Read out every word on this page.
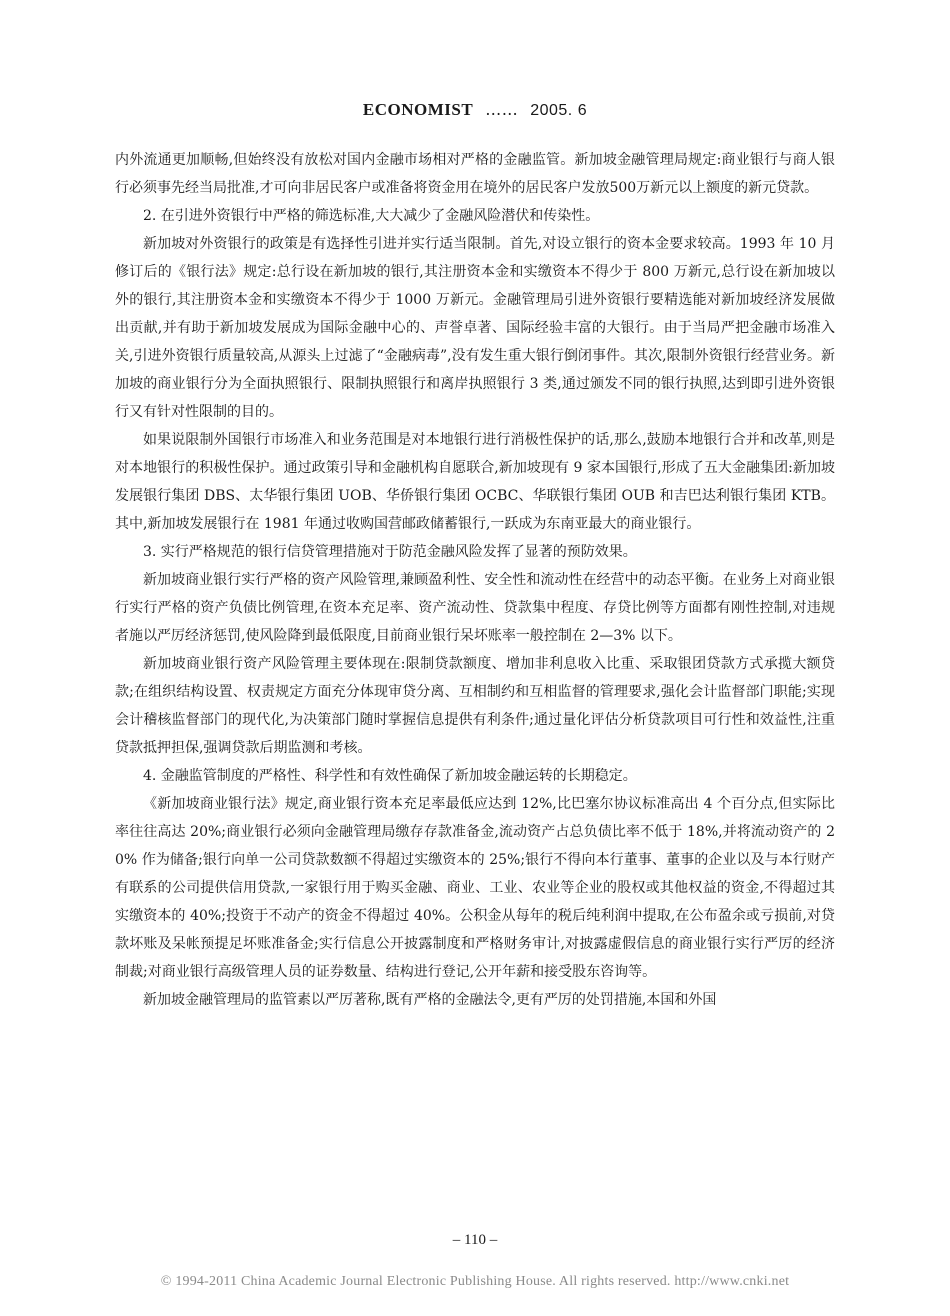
ECONOMIST …… 2005. 6

内外流通更加顺畅,但始终没有放松对国内金融市场相对严格的金融监管。新加坡金融管理局规定:商业银行与商人银行必须事先经当局批准,才可向非居民客户或准备将资金用在境外的居民客户发放500万新元以上额度的新元贷款。

2. 在引进外资银行中严格的筛选标准,大大减少了金融风险潜伏和传染性。

新加坡对外资银行的政策是有选择性引进并实行适当限制。首先,对设立银行的资本金要求较高。1993 年 10 月修订后的《银行法》规定:总行设在新加坡的银行,其注册资本金和实缴资本不得少于 800 万新元,总行设在新加坡以外的银行,其注册资本金和实缴资本不得少于 1000 万新元。金融管理局引进外资银行要精选能对新加坡经济发展做出贡献,并有助于新加坡发展成为国际金融中心的、声誉卓著、国际经验丰富的大银行。由于当局严把金融市场准入关,引进外资银行质量较高,从源头上过滤了“金融病毒”,没有发生重大银行倒闭事件。其次,限制外资银行经营业务。新加坡的商业银行分为全面执照银行、限制执照银行和离岸执照银行 3 类,通过颁发不同的银行执照,达到即引进外资银行又有针对性限制的目的。

如果说限制外国银行市场准入和业务范围是对本地银行进行消极性保护的话,那么,鼓励本地银行合并和改革,则是对本地银行的积极性保护。通过政策引导和金融机构自愿联合,新加坡现有 9 家本国银行,形成了五大金融集团:新加坡发展银行集团 DBS、太华银行集团 UOB、华侨银行集团 OCBC、华联银行集团 OUB 和吉巴达利银行集团 KTB。其中,新加坡发展银行在 1981 年通过收购国营邮政储蓄银行,一跃成为东南亚最大的商业银行。

3. 实行严格规范的银行信贷管理措施对于防范金融风险发挥了显著的预防效果。

新加坡商业银行实行严格的资产风险管理,兼顾盈利性、安全性和流动性在经营中的动态平衡。在业务上对商业银行实行严格的资产负债比例管理,在资本充足率、资产流动性、贷款集中程度、存贷比例等方面都有刚性控制,对违规者施以严厉经济惩罚,使风险降到最低限度,目前商业银行呆坏账率一般控制在 2—3% 以下。

新加坡商业银行资产风险管理主要体现在:限制贷款额度、增加非利息收入比重、采取银团贷款方式承揽大额贷款;在组织结构设置、权责规定方面充分体现审贷分离、互相制约和互相监督的管理要求,强化会计监督部门职能;实现会计稽核监督部门的现代化,为决策部门随时掌握信息提供有利条件;通过量化评估分析贷款项目可行性和效益性,注重贷款抵押担保,强调贷款后期监测和考核。

4. 金融监管制度的严格性、科学性和有效性确保了新加坡金融运转的长期稳定。

《新加坡商业银行法》规定,商业银行资本充足率最低应达到 12%,比巴塞尔协议标准高出 4 个百分点,但实际比率往往高达 20%;商业银行必须向金融管理局缴存存款准备金,流动资产占总负债比率不低于 18%,并将流动资产的 20% 作为储备;银行向单一公司贷款数额不得超过实缴资本的 25%;银行不得向本行董事、董事的企业以及与本行财产有联系的公司提供信用贷款,一家银行用于购买金融、商业、工业、农业等企业的股权或其他权益的资金,不得超过其实缴资本的 40%;投资于不动产的资金不得超过 40%。公积金从每年的税后纯利润中提取,在公布盈余或亏损前,对贷款坏账及呆帐预提足坏账准备金;实行信息公开披露制度和严格财务审计,对披露虚假信息的商业银行实行严厉的经济制裁;对商业银行高级管理人员的证券数量、结构进行登记,公开年薪和接受股东咨询等。

新加坡金融管理局的监管素以严厉著称,既有严格的金融法令,更有严厉的处罚措施,本国和外国

– 110 –
© 1994-2011 China Academic Journal Electronic Publishing House. All rights reserved. http://www.cnki.net
